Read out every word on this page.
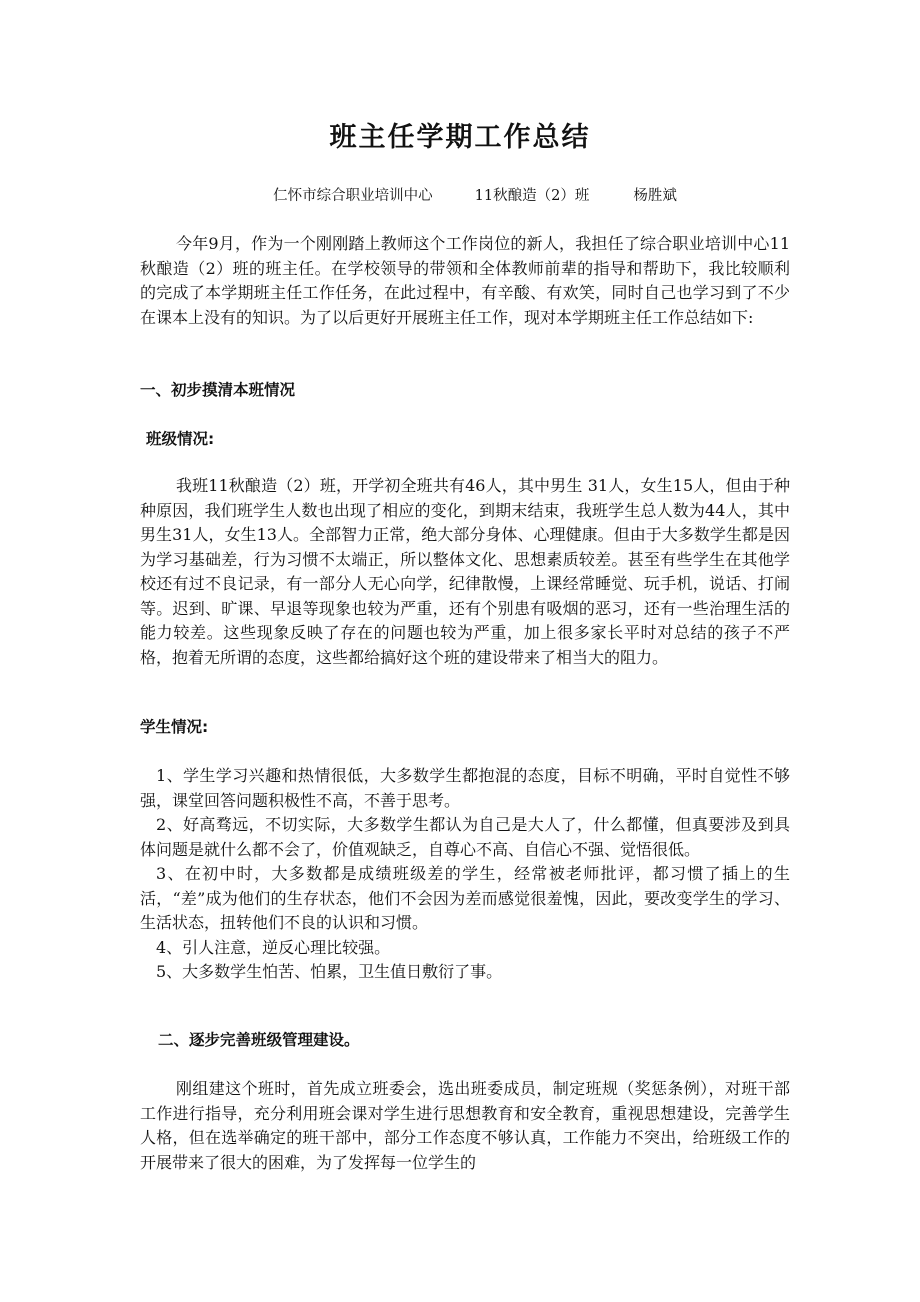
班主任学期工作总结
仁怀市综合职业培训中心	11秋酿造（2）班	杨胜斌

今年9月，作为一个刚刚踏上教师这个工作岗位的新人，我担任了综合职业培训中心11秋酿造（2）班的班主任。在学校领导的带领和全体教师前辈的指导和帮助下，我比较顺利的完成了本学期班主任工作任务，在此过程中，有辛酸、有欢笑，同时自己也学习到了不少在课本上没有的知识。为了以后更好开展班主任工作，现对本学期班主任工作总结如下:

一、初步摸清本班情况
班级情况:

我班11秋酿造（2）班，开学初全班共有46人，其中男生 31人，女生15人，但由于种种原因，我们班学生人数也出现了相应的变化，到期末结束，我班学生总人数为44人，其中男生31人，女生13人。全部智力正常，绝大部分身体、心理健康。但由于大多数学生都是因为学习基础差，行为习惯不太端正，所以整体文化、思想素质较差。甚至有些学生在其他学校还有过不良记录，有一部分人无心向学，纪律散慢，上课经常睡觉、玩手机，说话、打闹等。迟到、旷课、早退等现象也较为严重，还有个别患有吸烟的恶习，还有一些治理生活的能力较差。这些现象反映了存在的问题也较为严重，加上很多家长平时对总结的孩子不严格，抱着无所谓的态度，这些都给搞好这个班的建设带来了相当大的阻力。

学生情况:

1、学生学习兴趣和热情很低，大多数学生都抱混的态度，目标不明确，平时自觉性不够强，课堂回答问题积极性不高，不善于思考。

2、好高骛远，不切实际，大多数学生都认为自己是大人了，什么都懂，但真要涉及到具体问题是就什么都不会了，价值观缺乏，自尊心不高、自信心不强、觉悟很低。

3、在初中时，大多数都是成绩班级差的学生，经常被老师批评，都习惯了插上的生活，“差”成为他们的生存状态，他们不会因为差而感觉很羞愧，因此，要改变学生的学习、生活状态，扭转他们不良的认识和习惯。

4、引人注意，逆反心理比较强。

5、大多数学生怕苦、怕累，卫生值日敷衍了事。

二、逐步完善班级管理建设。

刚组建这个班时，首先成立班委会，选出班委成员，制定班规（奖惩条例），对班干部工作进行指导，充分利用班会课对学生进行思想教育和安全教育，重视思想建设，完善学生人格，但在选举确定的班干部中，部分工作态度不够认真，工作能力不突出，给班级工作的开展带来了很大的困难，为了发挥每一位学生的
